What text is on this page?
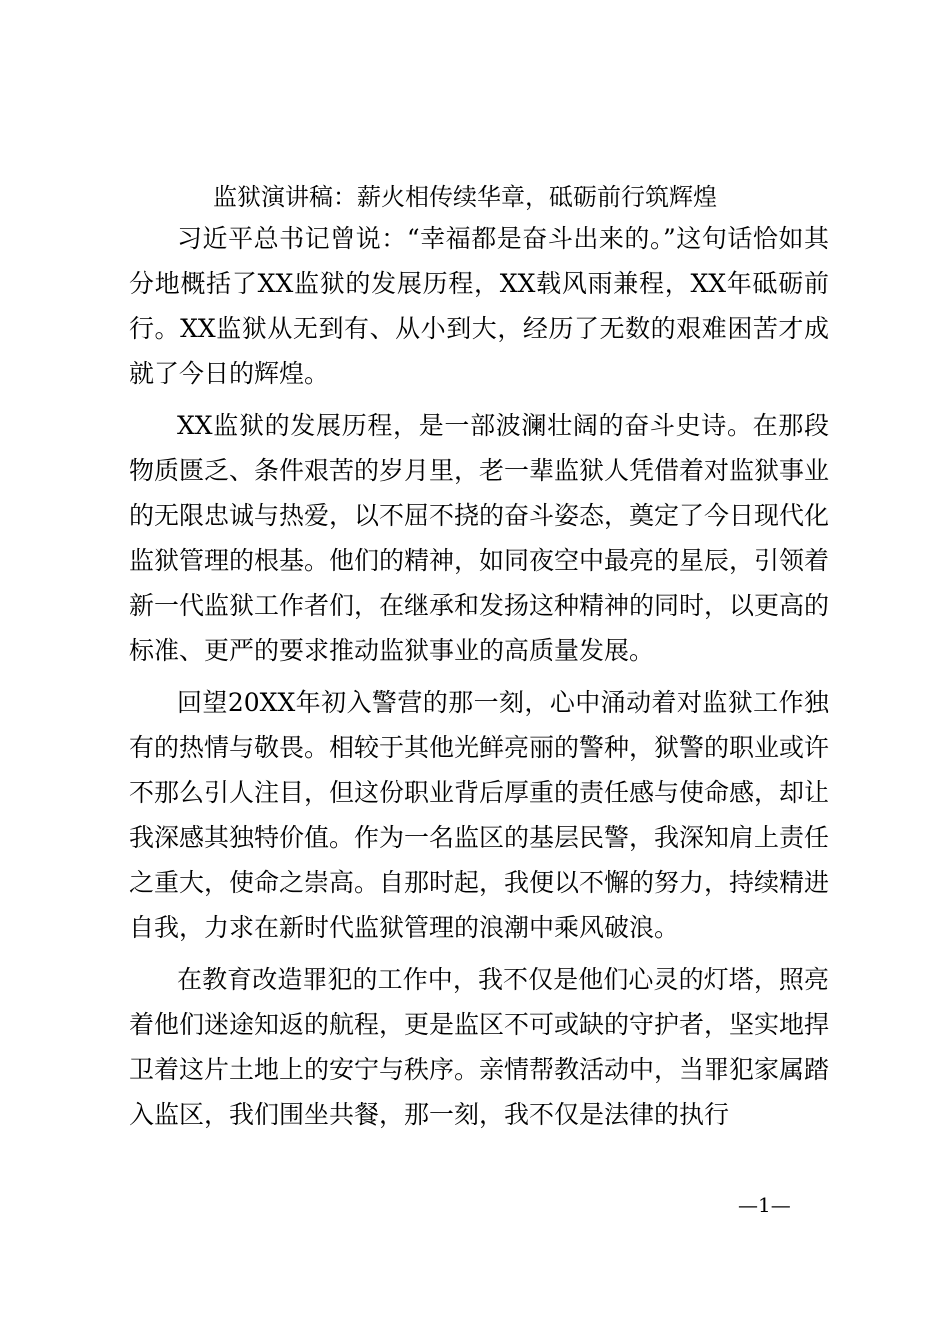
监狱演讲稿：薪火相传续华章，砥砺前行筑辉煌

习近平总书记曾说：“幸福都是奋斗出来的。”这句话恰如其分地概括了XX监狱的发展历程，XX载风雨兼程，XX年砥砺前行。XX监狱从无到有、从小到大，经历了无数的艰难困苦才成就了今日的辉煌。

XX监狱的发展历程，是一部波澜壮阔的奋斗史诗。在那段物质匮乏、条件艰苦的岁月里，老一辈监狱人凭借着对监狱事业的无限忠诚与热爱，以不屈不挠的奋斗姿态，奠定了今日现代化监狱管理的根基。他们的精神，如同夜空中最亮的星辰，引领着新一代监狱工作者们，在继承和发扬这种精神的同时，以更高的标准、更严的要求推动监狱事业的高质量发展。

回望20XX年初入警营的那一刻，心中涌动着对监狱工作独有的热情与敬畏。相较于其他光鲜亮丽的警种，狱警的职业或许不那么引人注目，但这份职业背后厚重的责任感与使命感，却让我深感其独特价值。作为一名监区的基层民警，我深知肩上责任之重大，使命之崇高。自那时起，我便以不懈的努力，持续精进自我，力求在新时代监狱管理的浪潮中乘风破浪。

在教育改造罪犯的工作中，我不仅是他们心灵的灯塔，照亮着他们迷途知返的航程，更是监区不可或缺的守护者，坚实地捍卫着这片土地上的安宁与秩序。亲情帮教活动中，当罪犯家属踏入监区，我们围坐共餐，那一刻，我不仅是法律的执行

—1—
